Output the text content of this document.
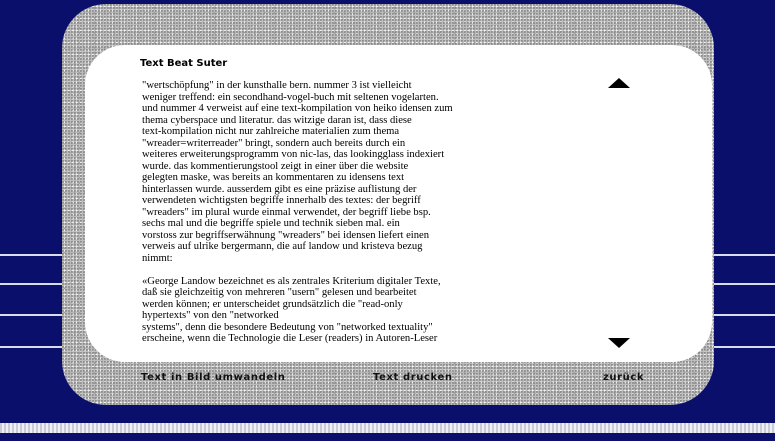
Text Beat Suter

"wertschöpfung" in der kunsthalle bern. nummer 3 ist vielleicht
weniger treffend: ein secondhand-vogel-buch mit seltenen vogelarten.
und nummer 4 verweist auf eine text-kompilation von heiko idensen zum
thema cyberspace und literatur. das witzige daran ist, dass diese
text-kompilation nicht nur zahlreiche materialien zum thema
"wreader=writerreader" bringt, sondern auch bereits durch ein
weiteres erweiterungsprogramm von nic-las, das lookingglass indexiert
wurde. das kommentierungstool zeigt in einer über die website
gelegten maske, was bereits an kommentaren zu idensens text
hinterlassen wurde. ausserdem gibt es eine präzise auflistung der
verwendeten wichtigsten begriffe innerhalb des textes: der begriff
"wreaders" im plural wurde einmal verwendet, der begriff liebe bsp.
sechs mal und die begriffe spiele und technik sieben mal. ein
vorstoss zur begriffserwähnung "wreaders" bei idensen liefert einen
verweis auf ulrike bergermann, die auf landow und kristeva bezug
nimmt:

«George Landow bezeichnet es als zentrales Kriterium digitaler Texte,
daß sie gleichzeitig von mehreren "usern" gelesen und bearbeitet
werden können; er unterscheidet grundsätzlich die "read-only
hypertexts" von den "networked
systems", denn die besondere Bedeutung von "networked textuality"
erscheine, wenn die Technologie die Leser (readers) in Autoren-Leser

Text in Bild umwandeln	Text drucken	zurück
